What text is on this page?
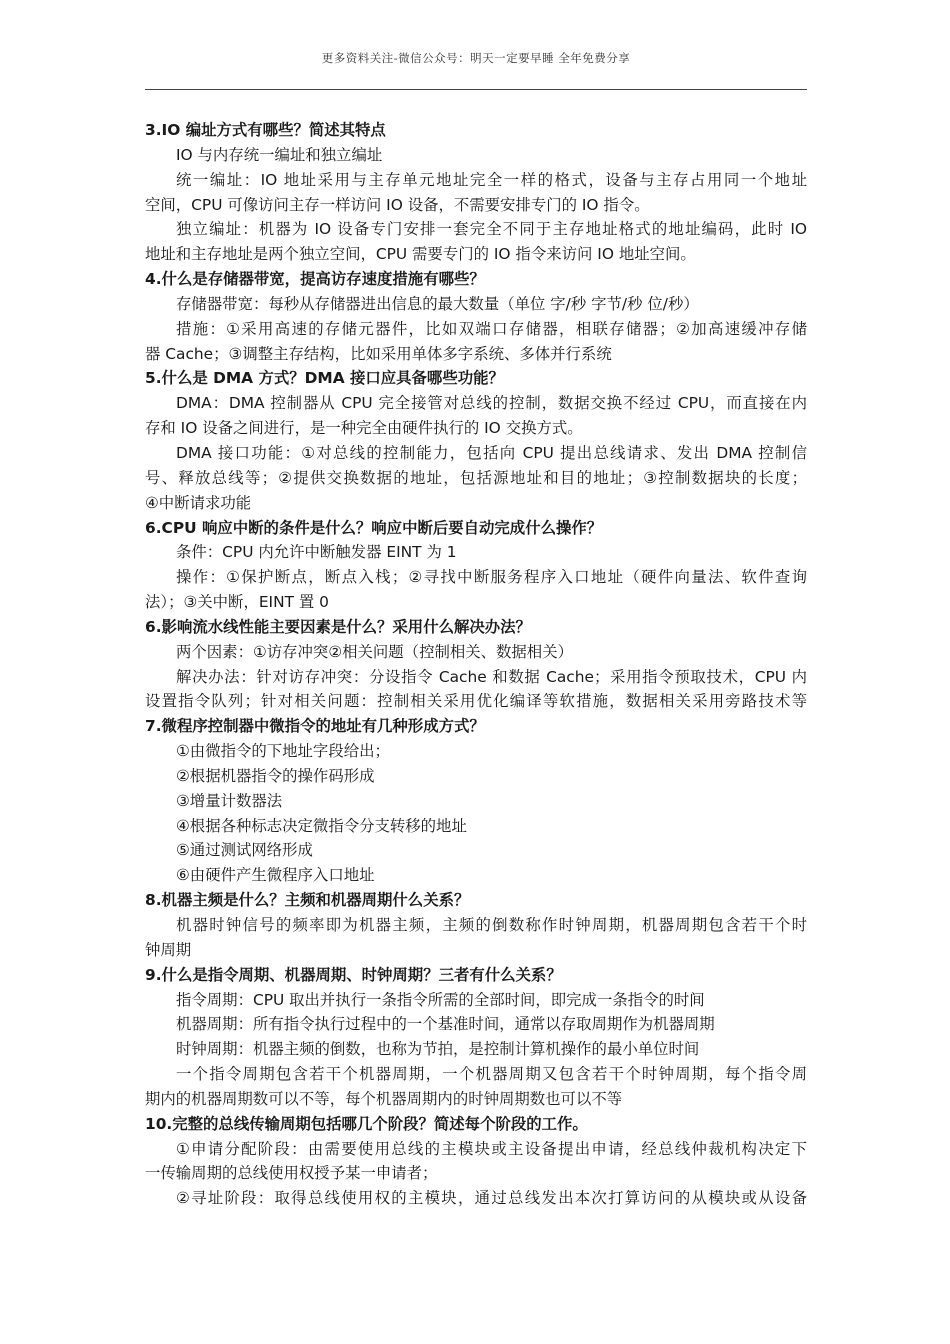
更多资料关注-微信公众号：明天一定要早睡 全年免费分享
3.IO 编址方式有哪些？简述其特点
IO 与内存统一编址和独立编址
统一编址：IO 地址采用与主存单元地址完全一样的格式，设备与主存占用同一个地址
空间，CPU 可像访问主存一样访问 IO 设备，不需要安排专门的 IO 指令。
独立编址：机器为 IO 设备专门安排一套完全不同于主存地址格式的地址编码，此时 IO
地址和主存地址是两个独立空间，CPU 需要专门的 IO 指令来访问 IO 地址空间。
4.什么是存储器带宽，提高访存速度措施有哪些？
存储器带宽：每秒从存储器进出信息的最大数量（单位 字/秒 字节/秒 位/秒）
措施：①采用高速的存储元器件，比如双端口存储器，相联存储器；②加高速缓冲存储
器 Cache；③调整主存结构，比如采用单体多字系统、多体并行系统
5.什么是 DMA 方式？DMA 接口应具备哪些功能？
DMA：DMA 控制器从 CPU 完全接管对总线的控制，数据交换不经过 CPU，而直接在内
存和 IO 设备之间进行，是一种完全由硬件执行的 IO 交换方式。
DMA 接口功能：①对总线的控制能力，包括向 CPU 提出总线请求、发出 DMA 控制信
号、释放总线等；②提供交换数据的地址，包括源地址和目的地址；③控制数据块的长度；
④中断请求功能
6.CPU 响应中断的条件是什么？响应中断后要自动完成什么操作？
条件：CPU 内允许中断触发器 EINT 为 1
操作：①保护断点，断点入栈；②寻找中断服务程序入口地址（硬件向量法、软件查询
法）；③关中断，EINT 置 0
6.影响流水线性能主要因素是什么？采用什么解决办法？
两个因素：①访存冲突②相关问题（控制相关、数据相关）
解决办法：针对访存冲突：分设指令 Cache 和数据 Cache；采用指令预取技术，CPU 内
设置指令队列；针对相关问题：控制相关采用优化编译等软措施，数据相关采用旁路技术等
7.微程序控制器中微指令的地址有几种形成方式？
①由微指令的下地址字段给出；
②根据机器指令的操作码形成
③增量计数器法
④根据各种标志决定微指令分支转移的地址
⑤通过测试网络形成
⑥由硬件产生微程序入口地址
8.机器主频是什么？主频和机器周期什么关系？
机器时钟信号的频率即为机器主频，主频的倒数称作时钟周期，机器周期包含若干个时
钟周期
9.什么是指令周期、机器周期、时钟周期？三者有什么关系？
指令周期：CPU 取出并执行一条指令所需的全部时间，即完成一条指令的时间
机器周期：所有指令执行过程中的一个基准时间，通常以存取周期作为机器周期
时钟周期：机器主频的倒数，也称为节拍，是控制计算机操作的最小单位时间
一个指令周期包含若干个机器周期，一个机器周期又包含若干个时钟周期，每个指令周
期内的机器周期数可以不等，每个机器周期内的时钟周期数也可以不等
10.完整的总线传输周期包括哪几个阶段？简述每个阶段的工作。
①申请分配阶段：由需要使用总线的主模块或主设备提出申请，经总线仲裁机构决定下
一传输周期的总线使用权授予某一申请者；
②寻址阶段：取得总线使用权的主模块，通过总线发出本次打算访问的从模块或从设备
